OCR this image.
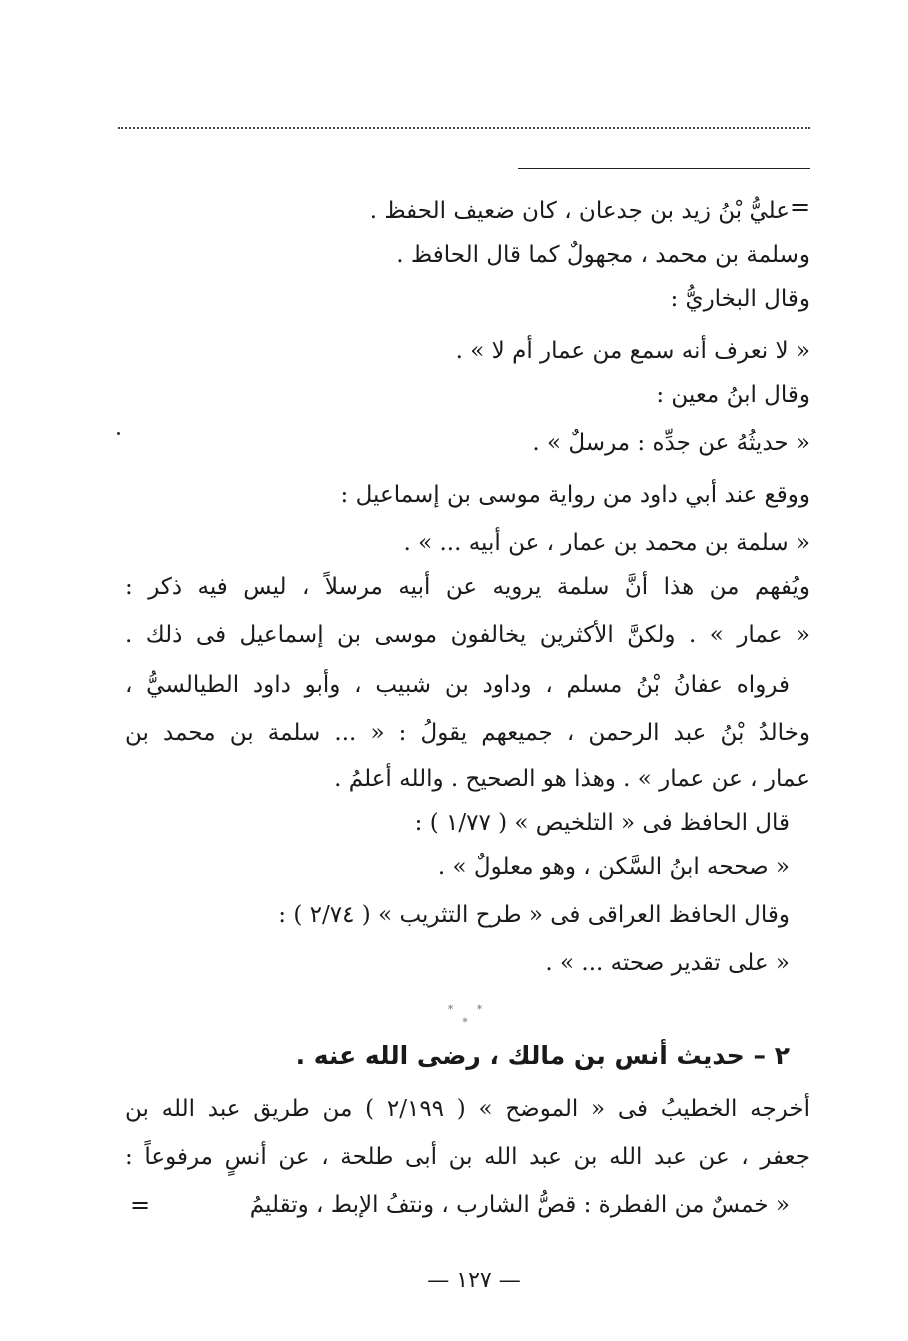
=
عليُّ بْنُ زيد بن جدعان ، كان ضعيف الحفظ .
وسلمة بن محمد ، مجهولٌ كما قال الحافظ .
وقال البخاريُّ :
« لا نعرف أنه سمع من عمار أم لا » .
وقال ابنُ معين :
« حديثُهُ عن جدِّه : مرسلٌ » .
ووقع عند أبي داود من رواية موسى بن إسماعيل :
« سلمة بن محمد بن عمار ، عن أبيه ... » .
ويُفهم من هذا أنَّ سلمة يرويه عن أبيه مرسلاً ، ليس فيه ذكر :
« عمار » . ولكنَّ الأكثرين يخالفون موسى بن إسماعيل فى ذلك .
فرواه عفانُ بْنُ مسلم ، وداود بن شبيب ، وأبو داود الطيالسيُّ ،
وخالدُ بْنُ عبد الرحمن ، جميعهم يقولُ : « ... سلمة بن محمد بن
عمار ، عن عمار » . وهذا هو الصحيح . والله أعلمُ .
قال الحافظ فى « التلخيص » ( ١/٧٧ ) :
« صححه ابنُ السَّكن ، وهو معلولٌ » .
وقال الحافظ العراقى فى « طرح التثريب » ( ٢/٧٤ ) :
« على تقدير صحته ... » .
* * *
٢ – حديث أنس بن مالك ، رضى الله عنه .
أخرجه الخطيبُ فى « الموضح » ( ٢/١٩٩ ) من طريق عبد الله بن
جعفر ، عن عبد الله بن عبد الله بن أبى طلحة ، عن أنسٍ مرفوعاً :
« خمسٌ من الفطرة : قصُّ الشارب ، ونتفُ الإبط ، وتقليمُ
=
— ١٢٧ —
